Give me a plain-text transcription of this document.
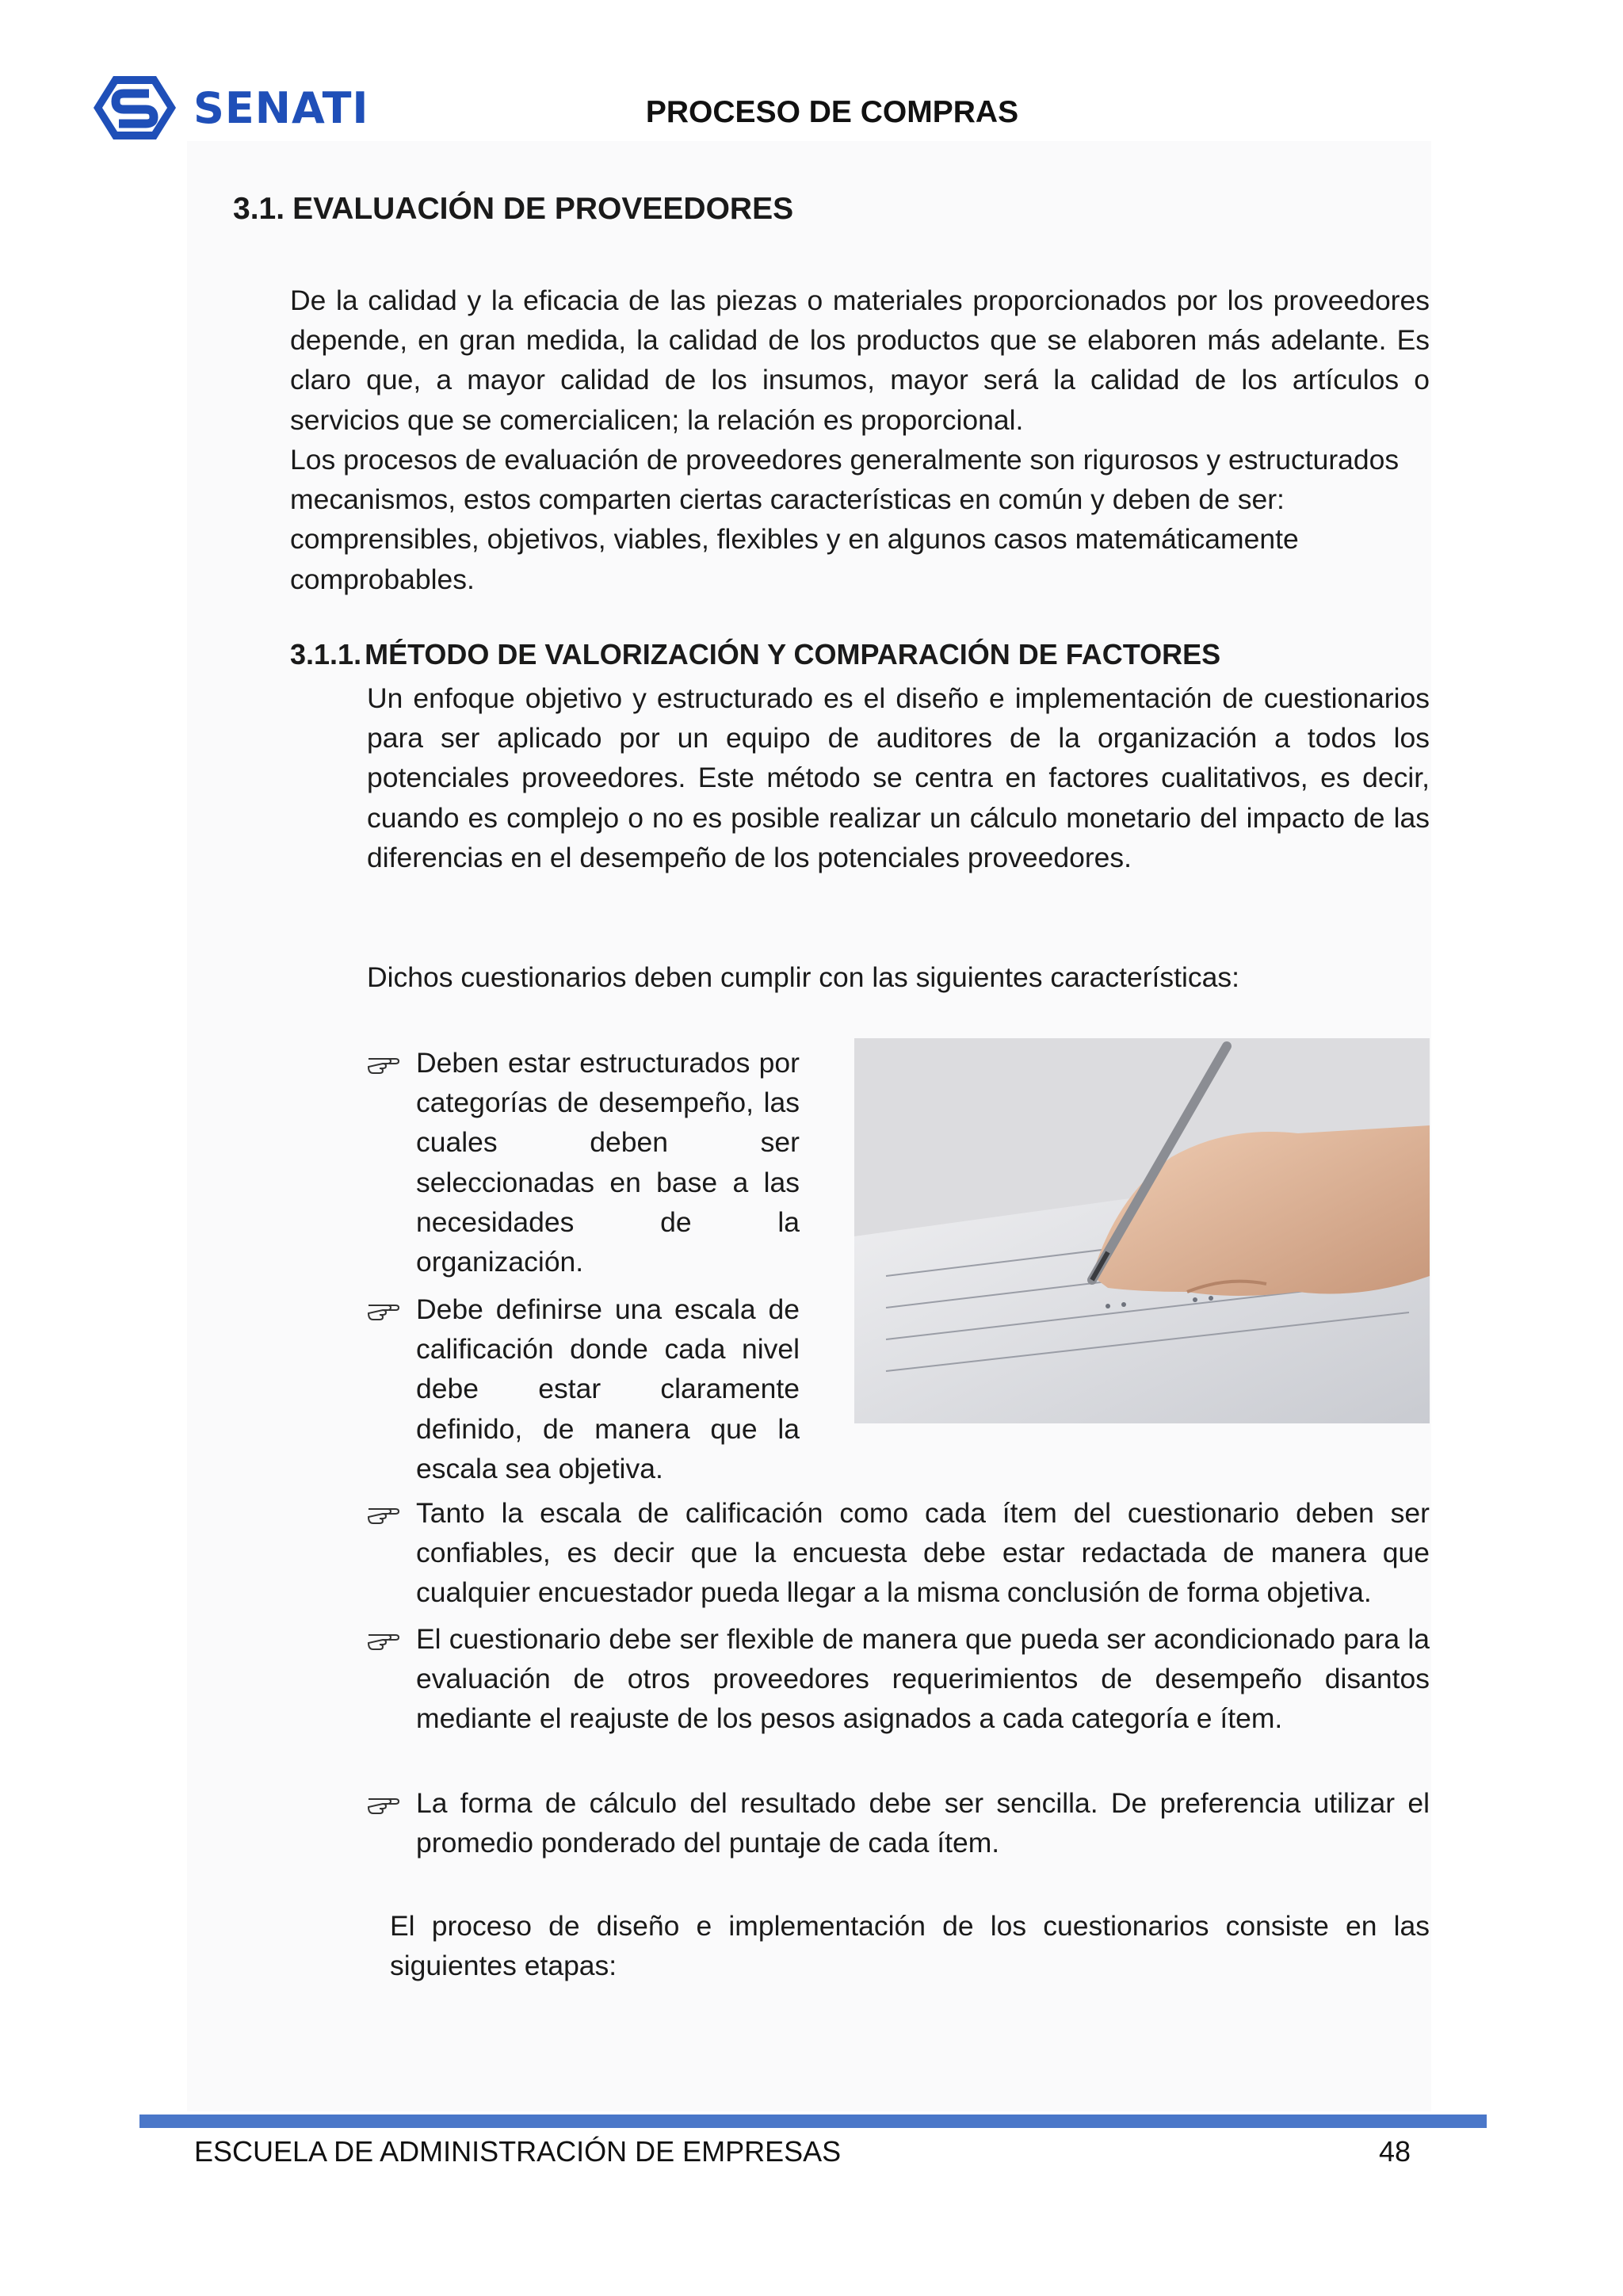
SENATI	PROCESO DE COMPRAS
3.1. EVALUACIÓN DE PROVEEDORES

De la calidad y la eficacia de las piezas o materiales proporcionados por los proveedores depende, en gran medida, la calidad de los productos que se elaboren más adelante. Es claro que, a mayor calidad de los insumos, mayor será la calidad de los artículos o servicios que se comercialicen; la relación es proporcional.

Los procesos de evaluación de proveedores generalmente son rigurosos y estructurados mecanismos, estos comparten ciertas características en común y deben de ser: comprensibles, objetivos, viables, flexibles y en algunos casos matemáticamente comprobables.

3.1.1. MÉTODO DE VALORIZACIÓN Y COMPARACIÓN DE FACTORES

Un enfoque objetivo y estructurado es el diseño e implementación de cuestionarios para ser aplicado por un equipo de auditores de la organización a todos los potenciales proveedores. Este método se centra en factores cualitativos, es decir, cuando es complejo o no es posible realizar un cálculo monetario del impacto de las diferencias en el desempeño de los potenciales proveedores.

Dichos cuestionarios deben cumplir con las siguientes características:

Deben estar estructurados por categorías de desempeño, las cuales deben ser seleccionadas en base a las necesidades de la organización.

Debe definirse una escala de calificación donde cada nivel debe estar claramente definido, de manera que la escala sea objetiva.

Tanto la escala de calificación como cada ítem del cuestionario deben ser confiables, es decir que la encuesta debe estar redactada de manera que cualquier encuestador pueda llegar a la misma conclusión de forma objetiva.

El cuestionario debe ser flexible de manera que pueda ser acondicionado para la evaluación de otros proveedores requerimientos de desempeño disantos mediante el reajuste de los pesos asignados a cada categoría e ítem.

La forma de cálculo del resultado debe ser sencilla. De preferencia utilizar el promedio ponderado del puntaje de cada ítem.

El proceso de diseño e implementación de los cuestionarios consiste en las siguientes etapas:

ESCUELA DE ADMINISTRACIÓN DE EMPRESAS	48
